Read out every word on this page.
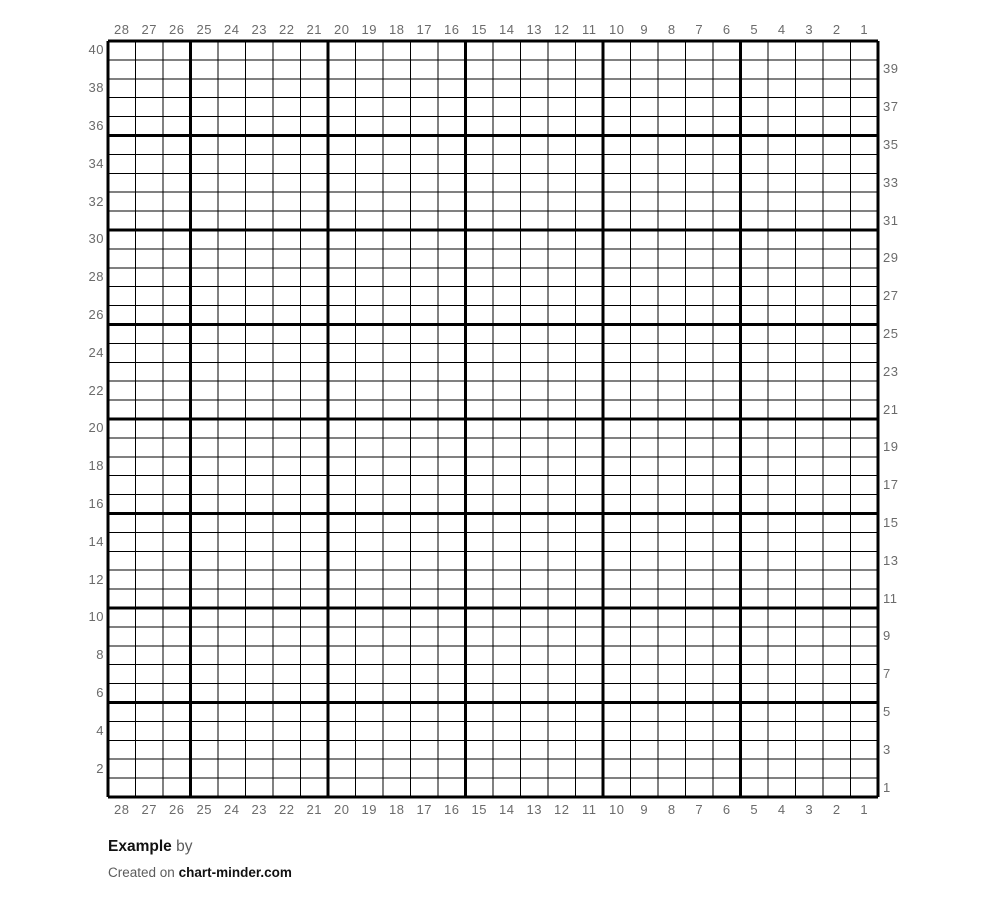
28 27 26 25 24 23 22 21 20 19 18 17 16 15 14 13 12 11 10	9	8	7	6	5	4	3	2	1
40
38
36
34
32
30
28
26
24
22
20
18
16
14
12
10
8
6
4
2
39
37
35
33
31
29
27
25
23
21
19
17
15
13
11
9
7
5
3
1
28 27 26 25 24 23 22 21 20 19 18 17 16 15 14 13 12 11 10	9	8	7	6	5	4	3	2	1
Example by
Created on chart-minder.com
